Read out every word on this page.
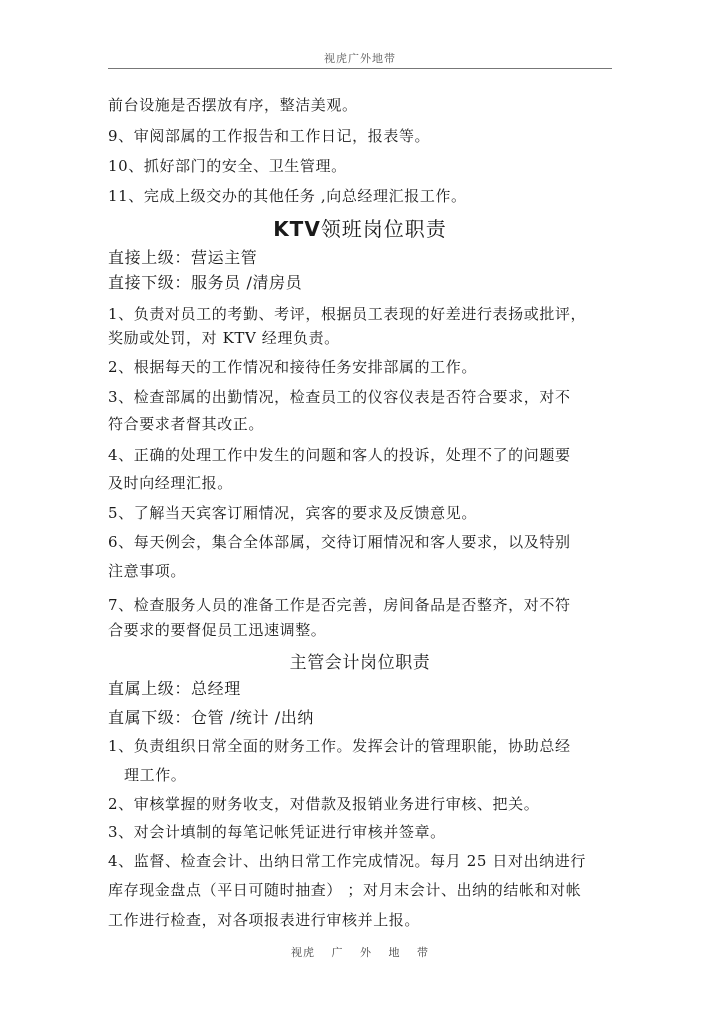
视虎广外地带
前台设施是否摆放有序，整洁美观。
9、审阅部属的工作报告和工作日记，报表等。
10、抓好部门的安全、卫生管理。
11、完成上级交办的其他任务 ,向总经理汇报工作。
KTV领班岗位职责
直接上级：营运主管
直接下级：服务员 /清房员
1、负责对员工的考勤、考评，根据员工表现的好差进行表扬或批评，
奖励或处罚，对 KTV 经理负责。
2、根据每天的工作情况和接待任务安排部属的工作。
3、检查部属的出勤情况，检查员工的仪容仪表是否符合要求，对不
符合要求者督其改正。
4、正确的处理工作中发生的问题和客人的投诉，处理不了的问题要
及时向经理汇报。
5、了解当天宾客订厢情况，宾客的要求及反馈意见。
6、每天例会，集合全体部属，交待订厢情况和客人要求，以及特别
注意事项。
7、检查服务人员的准备工作是否完善，房间备品是否整齐，对不符
合要求的要督促员工迅速调整。
主管会计岗位职责
直属上级：总经理
直属下级：仓管 /统计 /出纳
1、负责组织日常全面的财务工作。发挥会计的管理职能，协助总经
理工作。
2、审核掌握的财务收支，对借款及报销业务进行审核、把关。
3、对会计填制的每笔记帐凭证进行审核并签章。
4、监督、检查会计、出纳日常工作完成情况。每月 25 日对出纳进行
库存现金盘点（平日可随时抽查） ；对月末会计、出纳的结帐和对帐
工作进行检查，对各项报表进行审核并上报。
视虎 广 外 地 带
